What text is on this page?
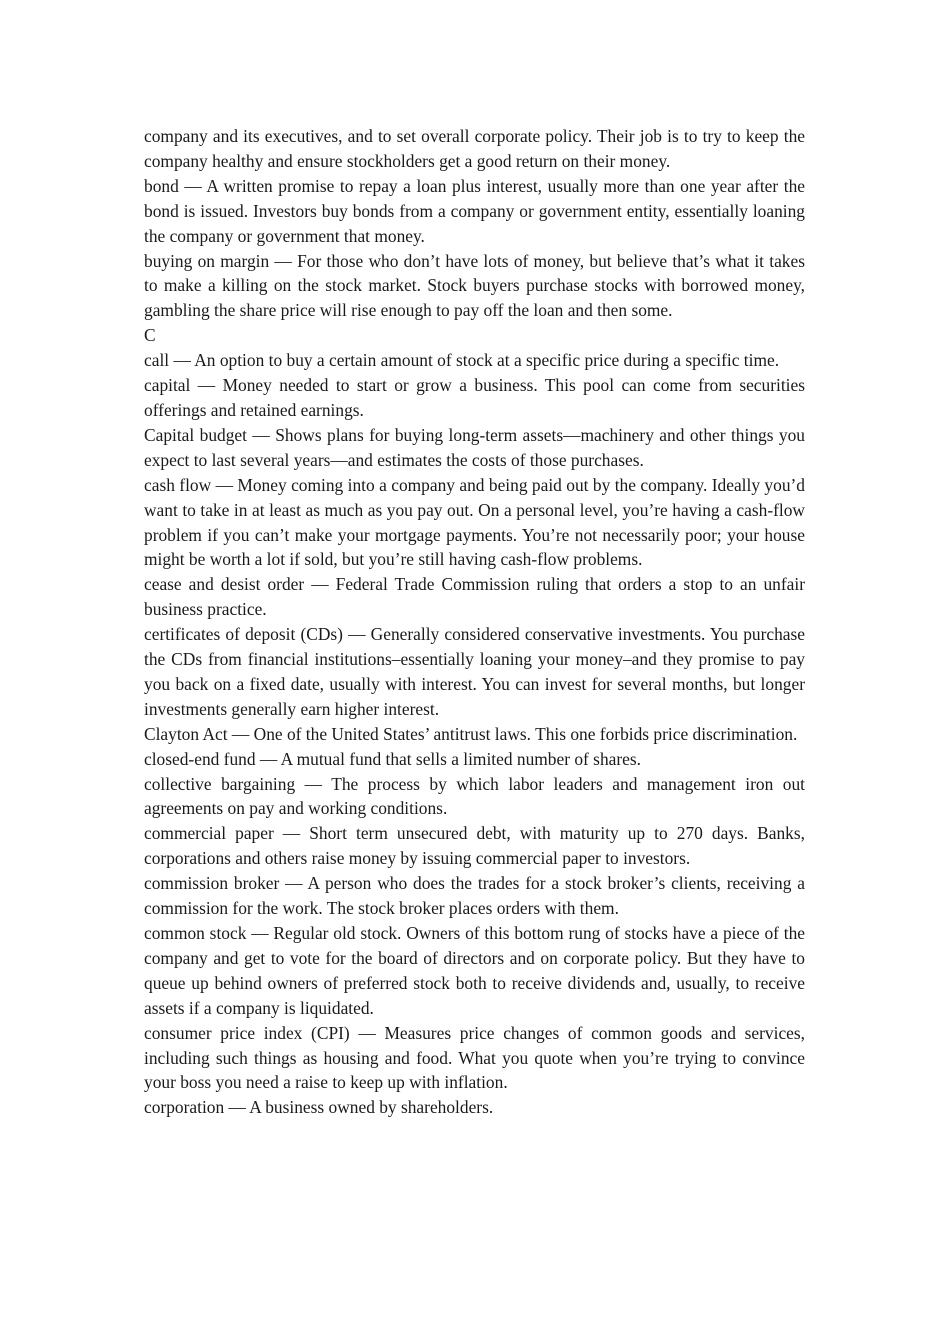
company and its executives, and to set overall corporate policy. Their job is to try to keep the company healthy and ensure stockholders get a good return on their money.

bond — A written promise to repay a loan plus interest, usually more than one year after the bond is issued. Investors buy bonds from a company or government entity, essentially loaning the company or government that money.

buying on margin — For those who don’t have lots of money, but believe that’s what it takes to make a killing on the stock market. Stock buyers purchase stocks with borrowed money, gambling the share price will rise enough to pay off the loan and then some.

C

call — An option to buy a certain amount of stock at a specific price during a specific time.

capital — Money needed to start or grow a business. This pool can come from securities offerings and retained earnings.

Capital budget — Shows plans for buying long-term assets—machinery and other things you expect to last several years—and estimates the costs of those purchases.

cash flow — Money coming into a company and being paid out by the company. Ideally you’d want to take in at least as much as you pay out. On a personal level, you’re having a cash-flow problem if you can’t make your mortgage payments. You’re not necessarily poor; your house might be worth a lot if sold, but you’re still having cash-flow problems.

cease and desist order — Federal Trade Commission ruling that orders a stop to an unfair business practice.

certificates of deposit (CDs) — Generally considered conservative investments. You purchase the CDs from financial institutions–essentially loaning your money–and they promise to pay you back on a fixed date, usually with interest. You can invest for several months, but longer investments generally earn higher interest.

Clayton Act — One of the United States’ antitrust laws. This one forbids price discrimination.

closed-end fund — A mutual fund that sells a limited number of shares.

collective bargaining — The process by which labor leaders and management iron out agreements on pay and working conditions.

commercial paper — Short term unsecured debt, with maturity up to 270 days. Banks, corporations and others raise money by issuing commercial paper to investors.

commission broker — A person who does the trades for a stock broker’s clients, receiving a commission for the work. The stock broker places orders with them.

common stock — Regular old stock. Owners of this bottom rung of stocks have a piece of the company and get to vote for the board of directors and on corporate policy. But they have to queue up behind owners of preferred stock both to receive dividends and, usually, to receive assets if a company is liquidated.

consumer price index (CPI) — Measures price changes of common goods and services, including such things as housing and food. What you quote when you’re trying to convince your boss you need a raise to keep up with inflation.

corporation — A business owned by shareholders.
